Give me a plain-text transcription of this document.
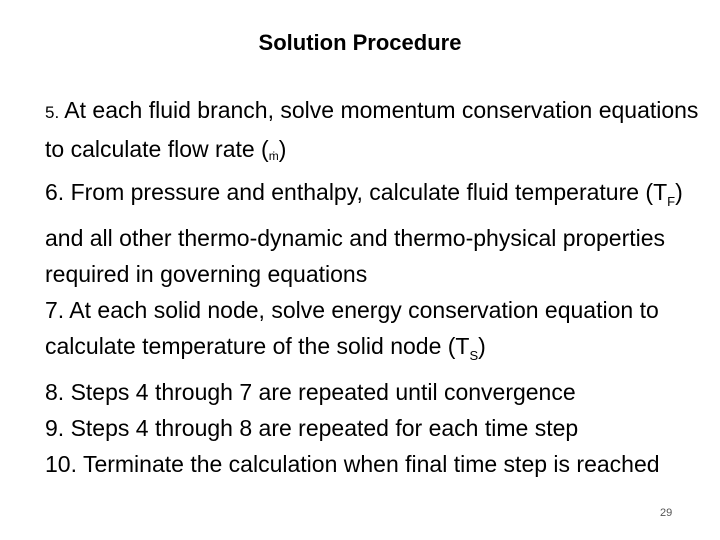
Solution Procedure

5. At each fluid branch, solve momentum conservation equations to calculate flow rate (ṁ)

6. From pressure and enthalpy, calculate fluid temperature $(T_F)$ and all other thermo-dynamic and thermo-physical properties required in governing equations

7. At each solid node, solve energy conservation equation to calculate temperature of the solid node $(T_S)$

8. Steps 4 through 7 are repeated until convergence

9. Steps 4 through 8 are repeated for each time step

10. Terminate the calculation when final time step is reached

29
